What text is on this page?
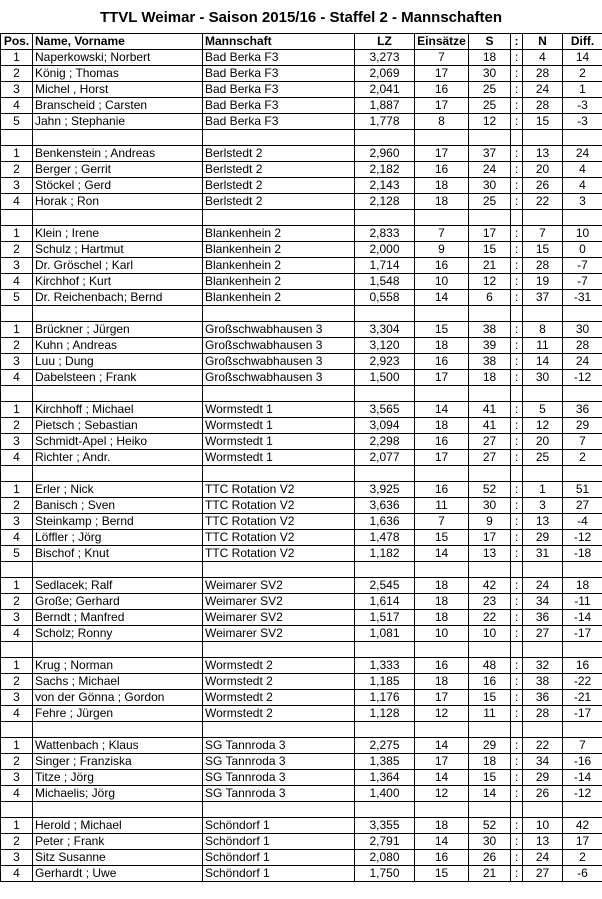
TTVL Weimar - Saison 2015/16 - Staffel 2 - Mannschaften
Pos.	Name, Vorname	Mannschaft	LZ	Einsätze	S	:	N	Diff.
1	Naperkowski; Norbert	Bad Berka F3	3,273	7	18	:	4	14
2	König ; Thomas	Bad Berka F3	2,069	17	30	:	28	2
3	Michel , Horst	Bad Berka F3	2,041	16	25	:	24	1
4	Branscheid ; Carsten	Bad Berka F3	1,887	17	25	:	28	-3
5	Jahn ; Stephanie	Bad Berka F3	1,778	8	12	:	15	-3

1	Benkenstein ; Andreas	Berlstedt 2	2,960	17	37	:	13	24
2	Berger ; Gerrit	Berlstedt 2	2,182	16	24	:	20	4
3	Stöckel ; Gerd	Berlstedt 2	2,143	18	30	:	26	4
4	Horak ; Ron	Berlstedt 2	2,128	18	25	:	22	3

1	Klein ; Irene	Blankenhein 2	2,833	7	17	:	7	10
2	Schulz ; Hartmut	Blankenhein 2	2,000	9	15	:	15	0
3	Dr. Gröschel ; Karl	Blankenhein 2	1,714	16	21	:	28	-7
4	Kirchhof ; Kurt	Blankenhein 2	1,548	10	12	:	19	-7
5	Dr. Reichenbach; Bernd	Blankenhein 2	0,558	14	6	:	37	-31

1	Brückner ; Jürgen	Großschwabhausen 3	3,304	15	38	:	8	30
2	Kuhn ; Andreas	Großschwabhausen 3	3,120	18	39	:	11	28
3	Luu ; Dung	Großschwabhausen 3	2,923	16	38	:	14	24
4	Dabelsteen ; Frank	Großschwabhausen 3	1,500	17	18	:	30	-12

1	Kirchhoff ; Michael	Wormstedt 1	3,565	14	41	:	5	36
2	Pietsch ; Sebastian	Wormstedt 1	3,094	18	41	:	12	29
3	Schmidt-Apel ; Heiko	Wormstedt 1	2,298	16	27	:	20	7
4	Richter ; Andr.	Wormstedt 1	2,077	17	27	:	25	2

1	Erler ; Nick	TTC Rotation V2	3,925	16	52	:	1	51
2	Banisch ; Sven	TTC Rotation V2	3,636	11	30	:	3	27
3	Steinkamp ; Bernd	TTC Rotation V2	1,636	7	9	:	13	-4
4	Löffler ; Jörg	TTC Rotation V2	1,478	15	17	:	29	-12
5	Bischof ; Knut	TTC Rotation V2	1,182	14	13	:	31	-18

1	Sedlacek; Ralf	Weimarer SV2	2,545	18	42	:	24	18
2	Große; Gerhard	Weimarer SV2	1,614	18	23	:	34	-11
3	Berndt ; Manfred	Weimarer SV2	1,517	18	22	:	36	-14
4	Scholz; Ronny	Weimarer SV2	1,081	10	10	:	27	-17

1	Krug ; Norman	Wormstedt 2	1,333	16	48	:	32	16
2	Sachs ; Michael	Wormstedt 2	1,185	18	16	:	38	-22
3	von der Gönna ; Gordon	Wormstedt 2	1,176	17	15	:	36	-21
4	Fehre ; Jürgen	Wormstedt 2	1,128	12	11	:	28	-17

1	Wattenbach ; Klaus	SG Tannroda 3	2,275	14	29	:	22	7
2	Singer ; Franziska	SG Tannroda 3	1,385	17	18	:	34	-16
3	Titze ; Jörg	SG Tannroda 3	1,364	14	15	:	29	-14
4	Michaelis; Jörg	SG Tannroda 3	1,400	12	14	:	26	-12

1	Herold ; Michael	Schöndorf 1	3,355	18	52	:	10	42
2	Peter ; Frank	Schöndorf 1	2,791	14	30	:	13	17
3	Sitz Susanne	Schöndorf 1	2,080	16	26	:	24	2
4	Gerhardt ; Uwe	Schöndorf 1	1,750	15	21	:	27	-6
